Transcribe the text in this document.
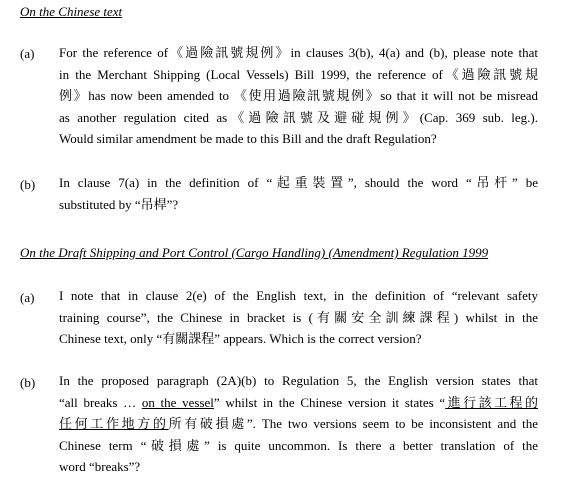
On the Chinese text
(a) For the reference of《過險訊號規例》in clauses 3(b), 4(a) and (b), please note that
in the Merchant Shipping (Local Vessels) Bill 1999, the reference of《過險訊號規
例》has now been amended to 《使用過險訊號規例》so that it will not be misread
as another regulation cited as《過險訊號及避碰規例》(Cap. 369 sub. leg.).
Would similar amendment be made to this Bill and the draft Regulation?
(b) In clause 7(a) in the definition of “起重裝置”, should the word “吊杆” be
substituted by “吊桿”?
On the Draft Shipping and Port Control (Cargo Handling) (Amendment) Regulation 1999
(a) I note that in clause 2(e) of the English text, in the definition of “relevant safety
training course”, the Chinese in bracket is (有關安全訓練課程) whilst in the
Chinese text, only “有關課程” appears. Which is the correct version?
(b) In the proposed paragraph (2A)(b) to Regulation 5, the English version states that
“all breaks … on the vessel” whilst in the Chinese version it states “進行該工程的
任何工作地方的所有破損處”. The two versions seem to be inconsistent and the
Chinese term “破損處” is quite uncommon. Is there a better translation of the
word “breaks”?
